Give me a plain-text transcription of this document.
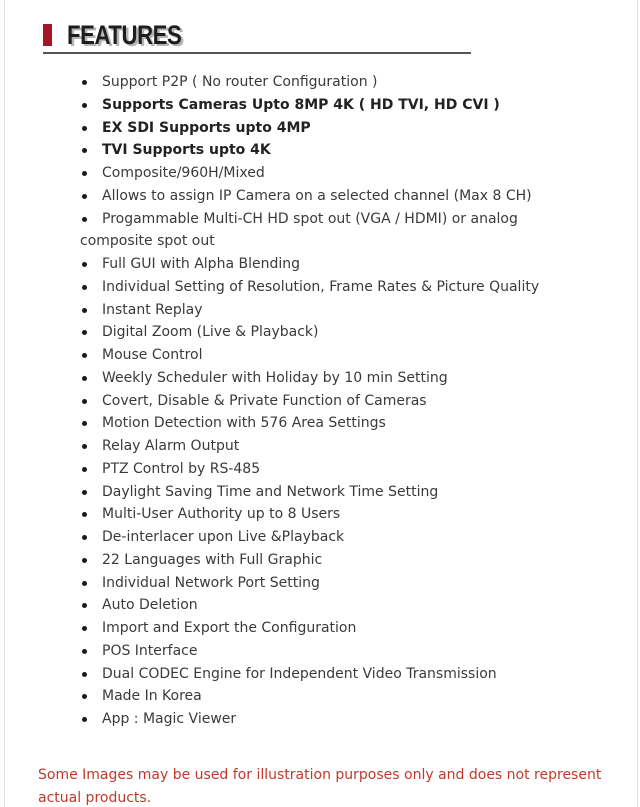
FEATURES
Support P2P ( No router Configuration )
Supports Cameras Upto 8MP 4K ( HD TVI, HD CVI )
EX SDI Supports upto 4MP
TVI Supports upto 4K
Composite/960H/Mixed
Allows to assign IP Camera on a selected channel (Max 8 CH)
Progammable Multi-CH HD spot out (VGA / HDMI) or analog composite spot out
Full GUI with Alpha Blending
Individual Setting of Resolution, Frame Rates & Picture Quality
Instant Replay
Digital Zoom (Live & Playback)
Mouse Control
Weekly Scheduler with Holiday by 10 min Setting
Covert, Disable & Private Function of Cameras
Motion Detection with 576 Area Settings
Relay Alarm Output
PTZ Control by RS-485
Daylight Saving Time and Network Time Setting
Multi-User Authority up to 8 Users
De-interlacer upon Live &Playback
22 Languages with Full Graphic
Individual Network Port Setting
Auto Deletion
Import and Export the Configuration
POS Interface
Dual CODEC Engine for Independent Video Transmission
Made In Korea
App : Magic Viewer
Some Images may be used for illustration purposes only and does not represent actual products.
